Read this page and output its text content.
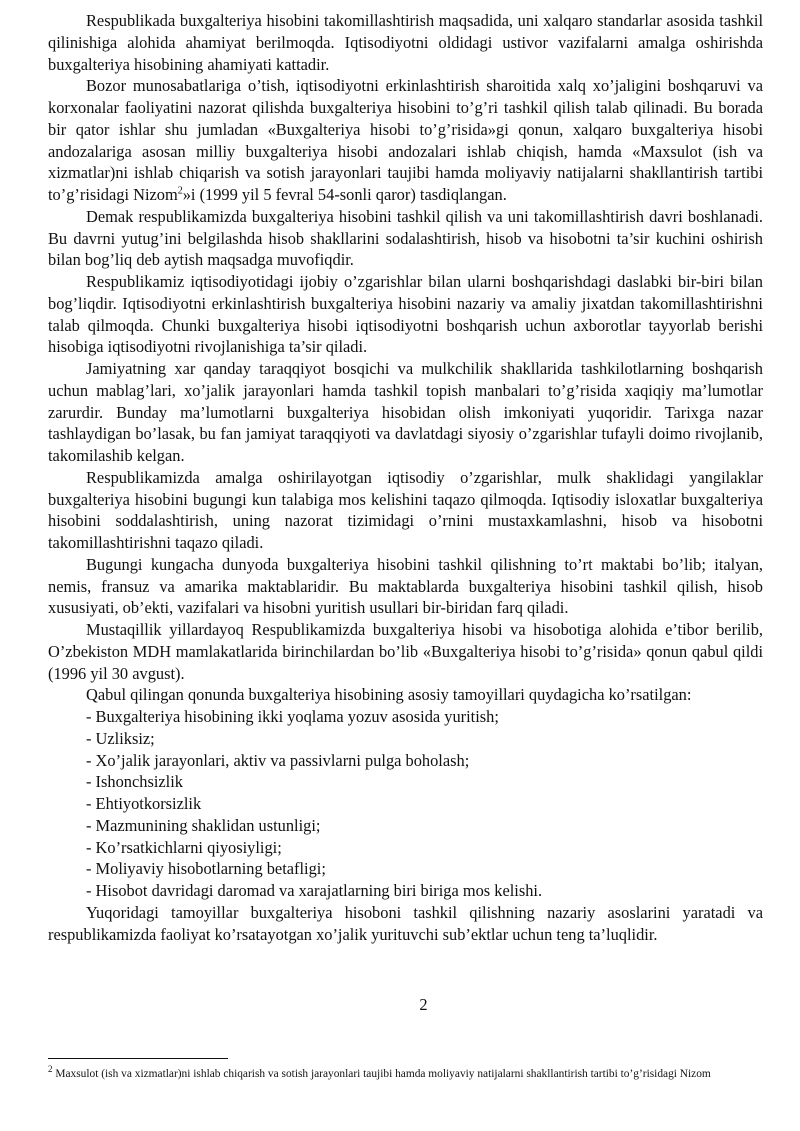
Respublikada buxgalteriya hisobini takomillashtirish maqsadida, uni xalqaro standarlar asosida tashkil qilinishiga alohida ahamiyat berilmoqda. Iqtisodiyotni oldidagi ustivor vazifalarni amalga oshirishda buxgalteriya hisobining ahamiyati kattadir.

Bozor munosabatlariga o’tish, iqtisodiyotni erkinlashtirish sharoitida xalq xo’jaligini boshqaruvi va korxonalar faoliyatini nazorat qilishda buxgalteriya hisobini to’g’ri tashkil qilish talab qilinadi. Bu borada bir qator ishlar shu jumladan «Buxgalteriya hisobi to’g’risida»gi qonun, xalqaro buxgalteriya hisobi andozalariga asosan milliy buxgalteriya hisobi andozalari ishlab chiqish, hamda «Maxsulot (ish va xizmatlar)ni ishlab chiqarish va sotish jarayonlari taujibi hamda moliyaviy natijalarni shakllantirish tartibi to’g’risidagi Nizom$^2$»i (1999 yil 5 fevral 54-sonli qaror) tasdiqlangan.

Demak respublikamizda buxgalteriya hisobini tashkil qilish va uni takomillashtirish davri boshlanadi. Bu davrni yutug’ini belgilashda hisob shakllarini sodalashtirish, hisob va hisobotni ta’sir kuchini oshirish bilan bog’liq deb aytish maqsadga muvofiqdir.

Respublikamiz iqtisodiyotidagi ijobiy o’zgarishlar bilan ularni boshqarishdagi daslabki bir-biri bilan bog’liqdir. Iqtisodiyotni erkinlashtirish buxgalteriya hisobini nazariy va amaliy jixatdan takomillashtirishni talab qilmoqda. Chunki buxgalteriya hisobi iqtisodiyotni boshqarish uchun axborotlar tayyorlab berishi hisobiga iqtisodiyotni rivojlanishiga ta’sir qiladi.

Jamiyatning xar qanday taraqqiyot bosqichi va mulkchilik shakllarida tashkilotlarning boshqarish uchun mablag’lari, xo’jalik jarayonlari hamda tashkil topish manbalari to’g’risida xaqiqiy ma’lumotlar zarurdir. Bunday ma’lumotlarni buxgalteriya hisobidan olish imkoniyati yuqoridir. Tarixga nazar tashlaydigan bo’lasak, bu fan jamiyat taraqqiyoti va davlatdagi siyosiy o’zgarishlar tufayli doimo rivojlanib, takomilashib kelgan.

Respublikamizda amalga oshirilayotgan iqtisodiy o’zgarishlar, mulk shaklidagi yangilaklar buxgalteriya hisobini bugungi kun talabiga mos kelishini taqazo qilmoqda. Iqtisodiy isloxatlar buxgalteriya hisobini soddalashtirish, uning nazorat tizimidagi o’rnini mustaxkamlashni, hisob va hisobotni takomillashtirishni taqazo qiladi.

Bugungi kungacha dunyoda buxgalteriya hisobini tashkil qilishning to’rt maktabi bo’lib; italyan, nemis, fransuz va amarika maktablaridir. Bu maktablarda buxgalteriya hisobini tashkil qilish, hisob xususiyati, ob’ekti, vazifalari va hisobni yuritish usullari bir-biridan farq qiladi.

Mustaqillik yillardayoq Respublikamizda buxgalteriya hisobi va hisobotiga alohida e’tibor berilib, O’zbekiston MDH mamlakatlarida birinchilardan bo’lib «Buxgalteriya hisobi to’g’risida» qonun qabul qildi (1996 yil 30 avgust).

Qabul qilingan qonunda buxgalteriya hisobining asosiy tamoyillari quydagicha ko’rsatilgan:

- Buxgalteriya hisobining ikki yoqlama yozuv asosida yuritish;
- Uzliksiz;
- Xo’jalik jarayonlari, aktiv va passivlarni pulga boholash;
- Ishonchsizlik
- Ehtiyotkorsizlik
- Mazmunining shaklidan ustunligi;
- Ko’rsatkichlarni qiyosiyligi;
- Moliyaviy hisobotlarning betafligi;
- Hisobot davridagi daromad va xarajatlarning biri biriga mos kelishi.

Yuqoridagi tamoyillar buxgalteriya hisoboni tashkil qilishning nazariy asoslarini yaratadi va respublikamizda faoliyat ko’rsatayotgan xo’jalik yurituvchi sub’ektlar uchun teng ta’luqlidir.

2

$^2$ Maxsulot (ish va xizmatlar)ni ishlab chiqarish va sotish jarayonlari taujibi hamda moliyaviy natijalarni shakllantirish tartibi to’g’risidagi Nizom
